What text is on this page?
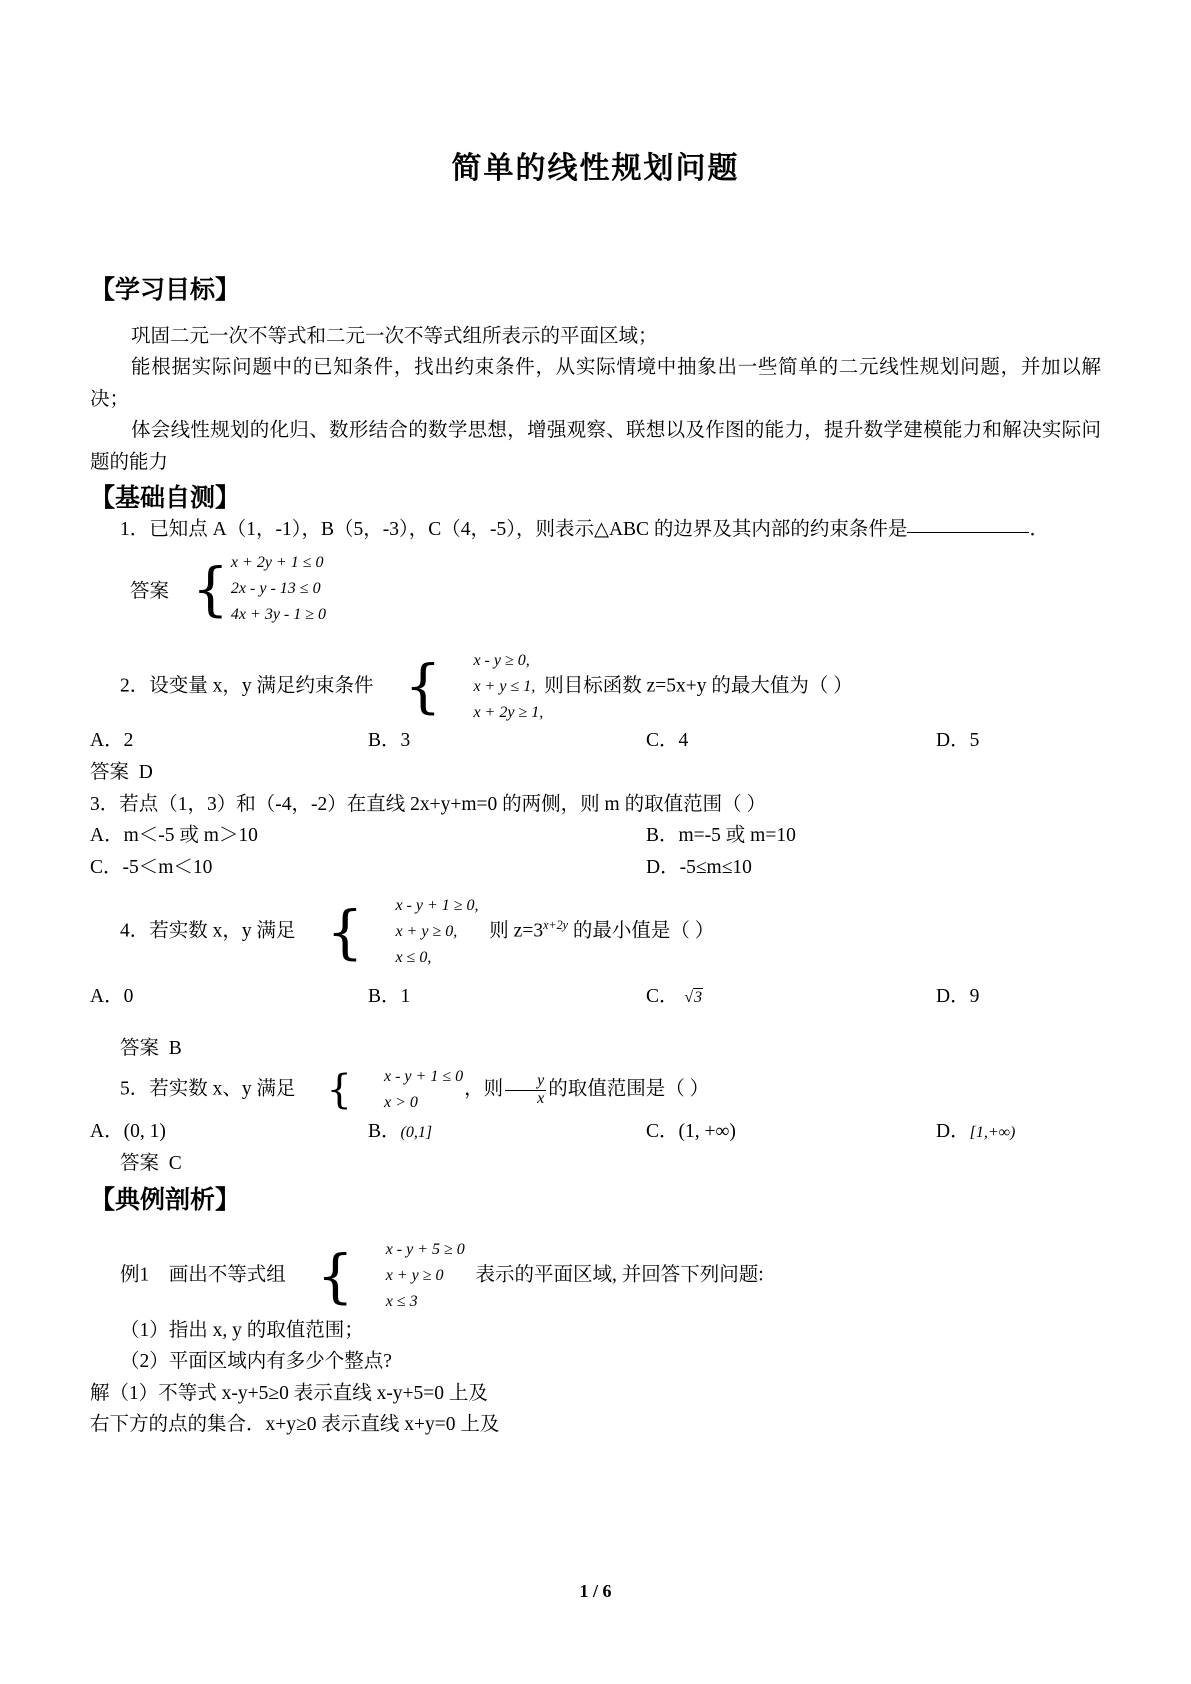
简单的线性规划问题
【学习目标】

巩固二元一次不等式和二元一次不等式组所表示的平面区域；

能根据实际问题中的已知条件，找出约束条件，从实际情境中抽象出一些简单的二元线性规划问题，并加以解决；

体会线性规划的化归、数形结合的数学思想，增强观察、联想以及作图的能力，提升数学建模能力和解决实际问题的能力

【基础自测】

1．已知点 A（1，-1），B（5，-3），C（4，-5），则表示△ABC 的边界及其内部的约束条件是	．

答案 { x + 2y + 1 ≤ 0
2x - y - 13 ≤ 0
4x + 3y - 1 ≥ 0

2．设变量 x，y 满足约束条件 {	x - y ≥ 0,
x + y ≤ 1,
x + 2y ≥ 1,
则目标函数 z=5x+y 的最大值为（ ）

A．2	B．3	C．4	D．5

答案 D

3．若点（1，3）和（-4，-2）在直线 2x+y+m=0 的两侧，则 m 的取值范围（ ）

A．m＜-5 或 m＞10	B．m=-5 或 m=10
C．-5＜m＜10	D．-5≤m≤10

4．若实数 x，y 满足 {	x - y + 1 ≥ 0,
x + y ≥ 0,
x ≤ 0,
则 $z=3^{x+2y}$ 的最小值是（ ）

A．0	B．1	C． √3	D．9

答案 B

5．若实数 x、y 满足 {	x - y + 1 ≤ 0
x > 0
，则 $\frac{y}{x}$ 的取值范围是（ ）

A．(0, 1)	B．(0,1]	C．(1, +∞)	D．[1,+∞)

答案 C

【典例剖析】

例1 画出不等式组 {	x - y + 5 ≥ 0
x + y ≥ 0
x ≤ 3
表示的平面区域, 并回答下列问题:

（1）指出 x, y 的取值范围；

（2）平面区域内有多少个整点?

解（1）不等式 x-y+5≥0 表示直线 x-y+5=0 上及

右下方的点的集合．x+y≥0 表示直线 x+y=0 上及

1 / 6
